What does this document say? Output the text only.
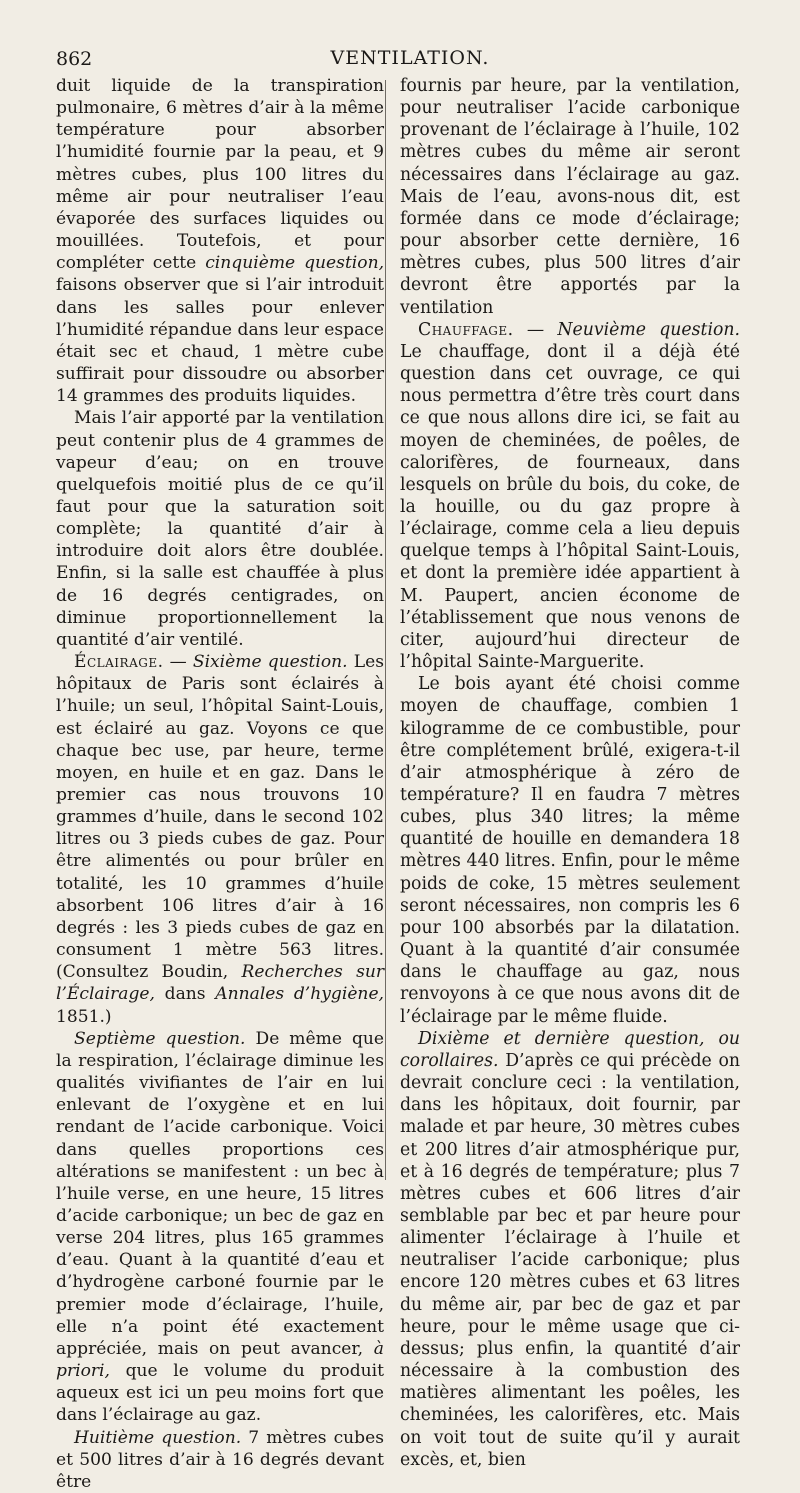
862	VENTILATION.

duit liquide de la transpiration pulmonaire, 6 mètres d’air à la même température pour absorber l’humidité fournie par la peau, et 9 mètres cubes, plus 100 litres du même air pour neutraliser l’eau évaporée des surfaces liquides ou mouillées. Toutefois, et pour compléter cette cinquième question, faisons observer que si l’air introduit dans les salles pour enlever l’humidité répandue dans leur espace était sec et chaud, 1 mètre cube suffirait pour dissoudre ou absorber 14 grammes des produits liquides.

Mais l’air apporté par la ventilation peut contenir plus de 4 grammes de vapeur d’eau; on en trouve quelquefois moitié plus de ce qu’il faut pour que la saturation soit complète; la quantité d’air à introduire doit alors être doublée. Enfin, si la salle est chauffée à plus de 16 degrés centigrades, on diminue proportionnellement la quantité d’air ventilé.

Éclairage. — Sixième question. Les hôpitaux de Paris sont éclairés à l’huile; un seul, l’hôpital Saint-Louis, est éclairé au gaz. Voyons ce que chaque bec use, par heure, terme moyen, en huile et en gaz. Dans le premier cas nous trouvons 10 grammes d’huile, dans le second 102 litres ou 3 pieds cubes de gaz. Pour être alimentés ou pour brûler en totalité, les 10 grammes d’huile absorbent 106 litres d’air à 16 degrés : les 3 pieds cubes de gaz en consument 1 mètre 563 litres. (Consultez Boudin, Recherches sur l’Éclairage, dans Annales d’hygiène, 1851.)

Septième question. De même que la respiration, l’éclairage diminue les qualités vivifiantes de l’air en lui enlevant de l’oxygène et en lui rendant de l’acide carbonique. Voici dans quelles proportions ces altérations se manifestent : un bec à l’huile verse, en une heure, 15 litres d’acide carbonique; un bec de gaz en verse 204 litres, plus 165 grammes d’eau. Quant à la quantité d’eau et d’hydrogène carboné fournie par le premier mode d’éclairage, l’huile, elle n’a point été exactement appréciée, mais on peut avancer, à priori, que le volume du produit aqueux est ici un peu moins fort que dans l’éclairage au gaz.

Huitième question. 7 mètres cubes et 500 litres d’air à 16 degrés devant être

fournis par heure, par la ventilation, pour neutraliser l’acide carbonique provenant de l’éclairage à l’huile, 102 mètres cubes du même air seront nécessaires dans l’éclairage au gaz. Mais de l’eau, avons-nous dit, est formée dans ce mode d’éclairage; pour absorber cette dernière, 16 mètres cubes, plus 500 litres d’air devront être apportés par la ventilation

Chauffage. — Neuvième question. Le chauffage, dont il a déjà été question dans cet ouvrage, ce qui nous permettra d’être très court dans ce que nous allons dire ici, se fait au moyen de cheminées, de poêles, de calorifères, de fourneaux, dans lesquels on brûle du bois, du coke, de la houille, ou du gaz propre à l’éclairage, comme cela a lieu depuis quelque temps à l’hôpital Saint-Louis, et dont la première idée appartient à M. Paupert, ancien économe de l’établissement que nous venons de citer, aujourd’hui directeur de l’hôpital Sainte-Marguerite.

Le bois ayant été choisi comme moyen de chauffage, combien 1 kilogramme de ce combustible, pour être complétement brûlé, exigera-t-il d’air atmosphérique à zéro de température? Il en faudra 7 mètres cubes, plus 340 litres; la même quantité de houille en demandera 18 mètres 440 litres. Enfin, pour le même poids de coke, 15 mètres seulement seront nécessaires, non compris les 6 pour 100 absorbés par la dilatation. Quant à la quantité d’air consumée dans le chauffage au gaz, nous renvoyons à ce que nous avons dit de l’éclairage par le même fluide.

Dixième et dernière question, ou corollaires. D’après ce qui précède on devrait conclure ceci : la ventilation, dans les hôpitaux, doit fournir, par malade et par heure, 30 mètres cubes et 200 litres d’air atmosphérique pur, et à 16 degrés de température; plus 7 mètres cubes et 606 litres d’air semblable par bec et par heure pour alimenter l’éclairage à l’huile et neutraliser l’acide carbonique; plus encore 120 mètres cubes et 63 litres du même air, par bec de gaz et par heure, pour le même usage que ci-dessus; plus enfin, la quantité d’air nécessaire à la combustion des matières alimentant les poêles, les cheminées, les calorifères, etc. Mais on voit tout de suite qu’il y aurait excès, et, bien
